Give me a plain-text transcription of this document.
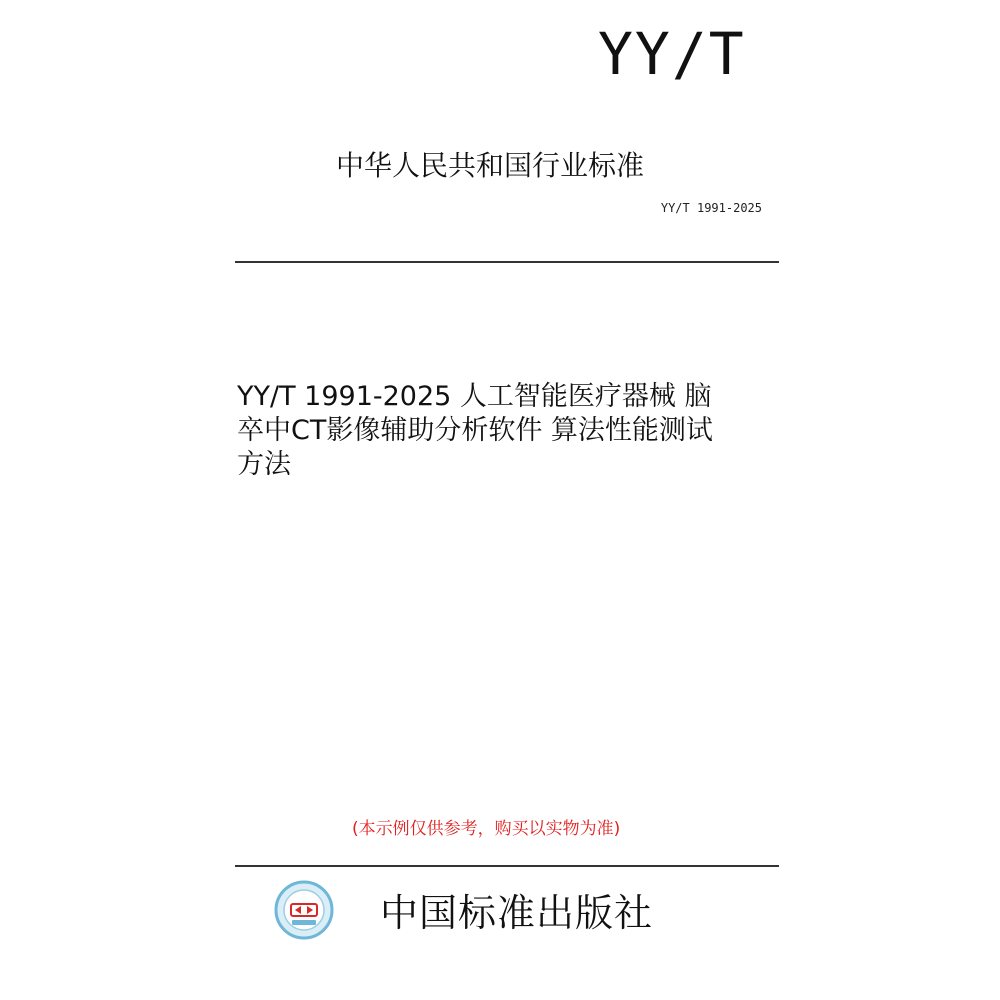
YY/T
中华人民共和国行业标准
YY/T 1991-2025
YY/T 1991-2025 人工智能医疗器械 脑
卒中CT影像辅助分析软件 算法性能测试
方法
(本示例仅供参考，购买以实物为准)
中国标准出版社
